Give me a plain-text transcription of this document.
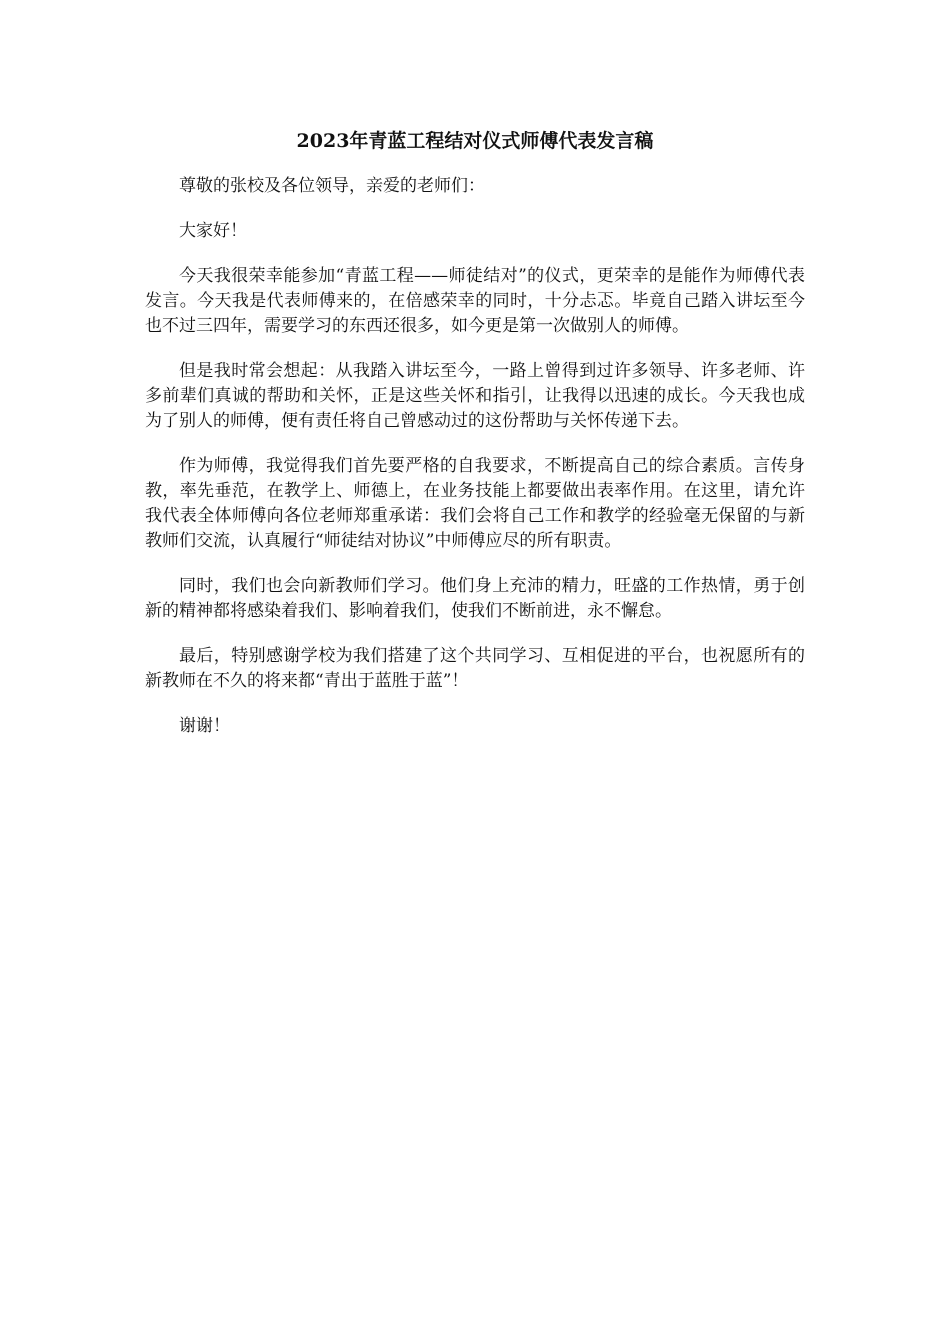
2023年青蓝工程结对仪式师傅代表发言稿

尊敬的张校及各位领导，亲爱的老师们：

大家好！

今天我很荣幸能参加“青蓝工程——师徒结对”的仪式，更荣幸的是能作为师傅代表发言。今天我是代表师傅来的，在倍感荣幸的同时，十分忐忑。毕竟自己踏入讲坛至今也不过三四年，需要学习的东西还很多，如今更是第一次做别人的师傅。

但是我时常会想起：从我踏入讲坛至今，一路上曾得到过许多领导、许多老师、许多前辈们真诚的帮助和关怀，正是这些关怀和指引，让我得以迅速的成长。今天我也成为了别人的师傅，便有责任将自己曾感动过的这份帮助与关怀传递下去。

作为师傅，我觉得我们首先要严格的自我要求，不断提高自己的综合素质。言传身教，率先垂范，在教学上、师德上，在业务技能上都要做出表率作用。在这里，请允许我代表全体师傅向各位老师郑重承诺：我们会将自己工作和教学的经验毫无保留的与新教师们交流，认真履行“师徒结对协议”中师傅应尽的所有职责。

同时，我们也会向新教师们学习。他们身上充沛的精力，旺盛的工作热情，勇于创新的精神都将感染着我们、影响着我们，使我们不断前进，永不懈怠。

最后，特别感谢学校为我们搭建了这个共同学习、互相促进的平台，也祝愿所有的新教师在不久的将来都“青出于蓝胜于蓝”！

谢谢！
